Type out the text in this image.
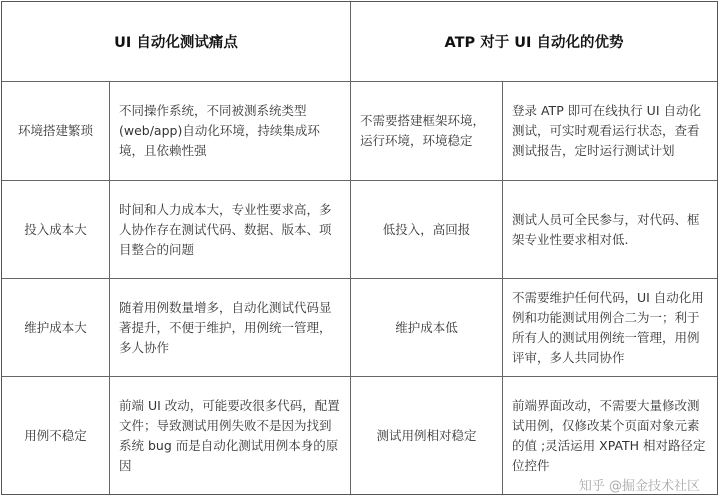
UI 自动化测试痛点	ATP 对于 UI 自动化的优势
环境搭建繁琐
不同操作系统，不同被测系统类型(web/app)自动化环境，持续集成环境，且依赖性强
不需要搭建框架环境，运行环境，环境稳定
登录 ATP 即可在线执行 UI 自动化测试，可实时观看运行状态，查看测试报告，定时运行测试计划
投入成本大
时间和人力成本大，专业性要求高，多人协作存在测试代码、数据、版本、项目整合的问题
低投入，高回报
测试人员可全民参与，对代码、框架专业性要求相对低.
维护成本大
随着用例数量增多，自动化测试代码显著提升，不便于维护，用例统一管理，多人协作
维护成本低
不需要维护任何代码，UI 自动化用例和功能测试用例合二为一；利于所有人的测试用例统一管理，用例评审，多人共同协作
用例不稳定
前端 UI 改动，可能要改很多代码，配置文件；导致测试用例失败不是因为找到系统 bug 而是自动化测试用例本身的原因
测试用例相对稳定
前端界面改动，不需要大量修改测试用例，仅修改某个页面对象元素的值 ;灵活运用 XPATH 相对路径定位控件
知乎 @掘金技术社区
